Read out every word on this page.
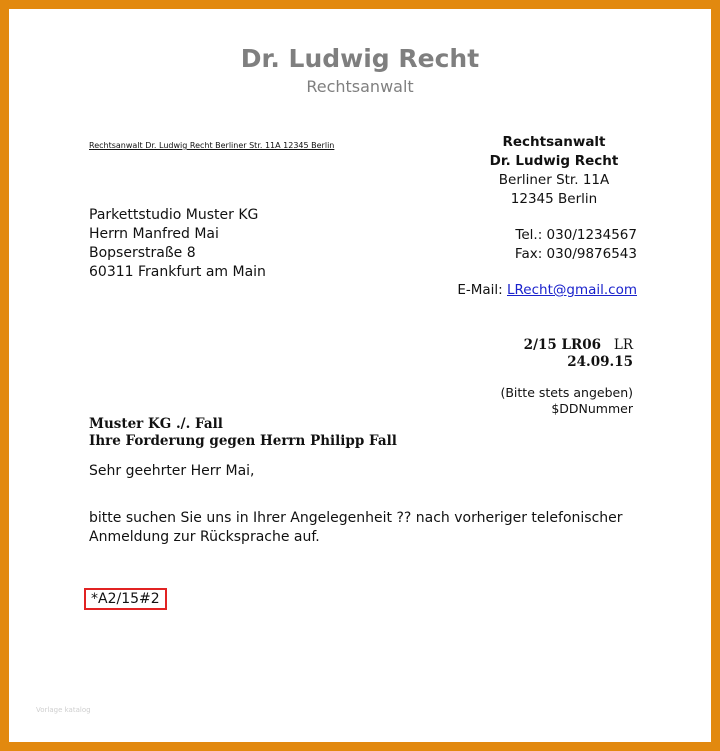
Dr. Ludwig Recht
Rechtsanwalt
Rechtsanwalt Dr. Ludwig Recht Berliner Str. 11A 12345 Berlin
Parkettstudio Muster KG
Herrn Manfred Mai
Bopserstraße 8
60311 Frankfurt am Main
Rechtsanwalt
Dr. Ludwig Recht
Berliner Str. 11A
12345 Berlin
Tel.: 030/1234567
Fax: 030/9876543
E-Mail: LRecht@gmail.com
2/15 LR06 LR
24.09.15
(Bitte stets angeben)
$DDNummer
Muster KG ./. Fall
Ihre Forderung gegen Herrn Philipp Fall
Sehr geehrter Herr Mai,
bitte suchen Sie uns in Ihrer Angelegenheit ?? nach vorheriger telefonischer
Anmeldung zur Rücksprache auf.
*A2/15#2
Vorlage katalog
